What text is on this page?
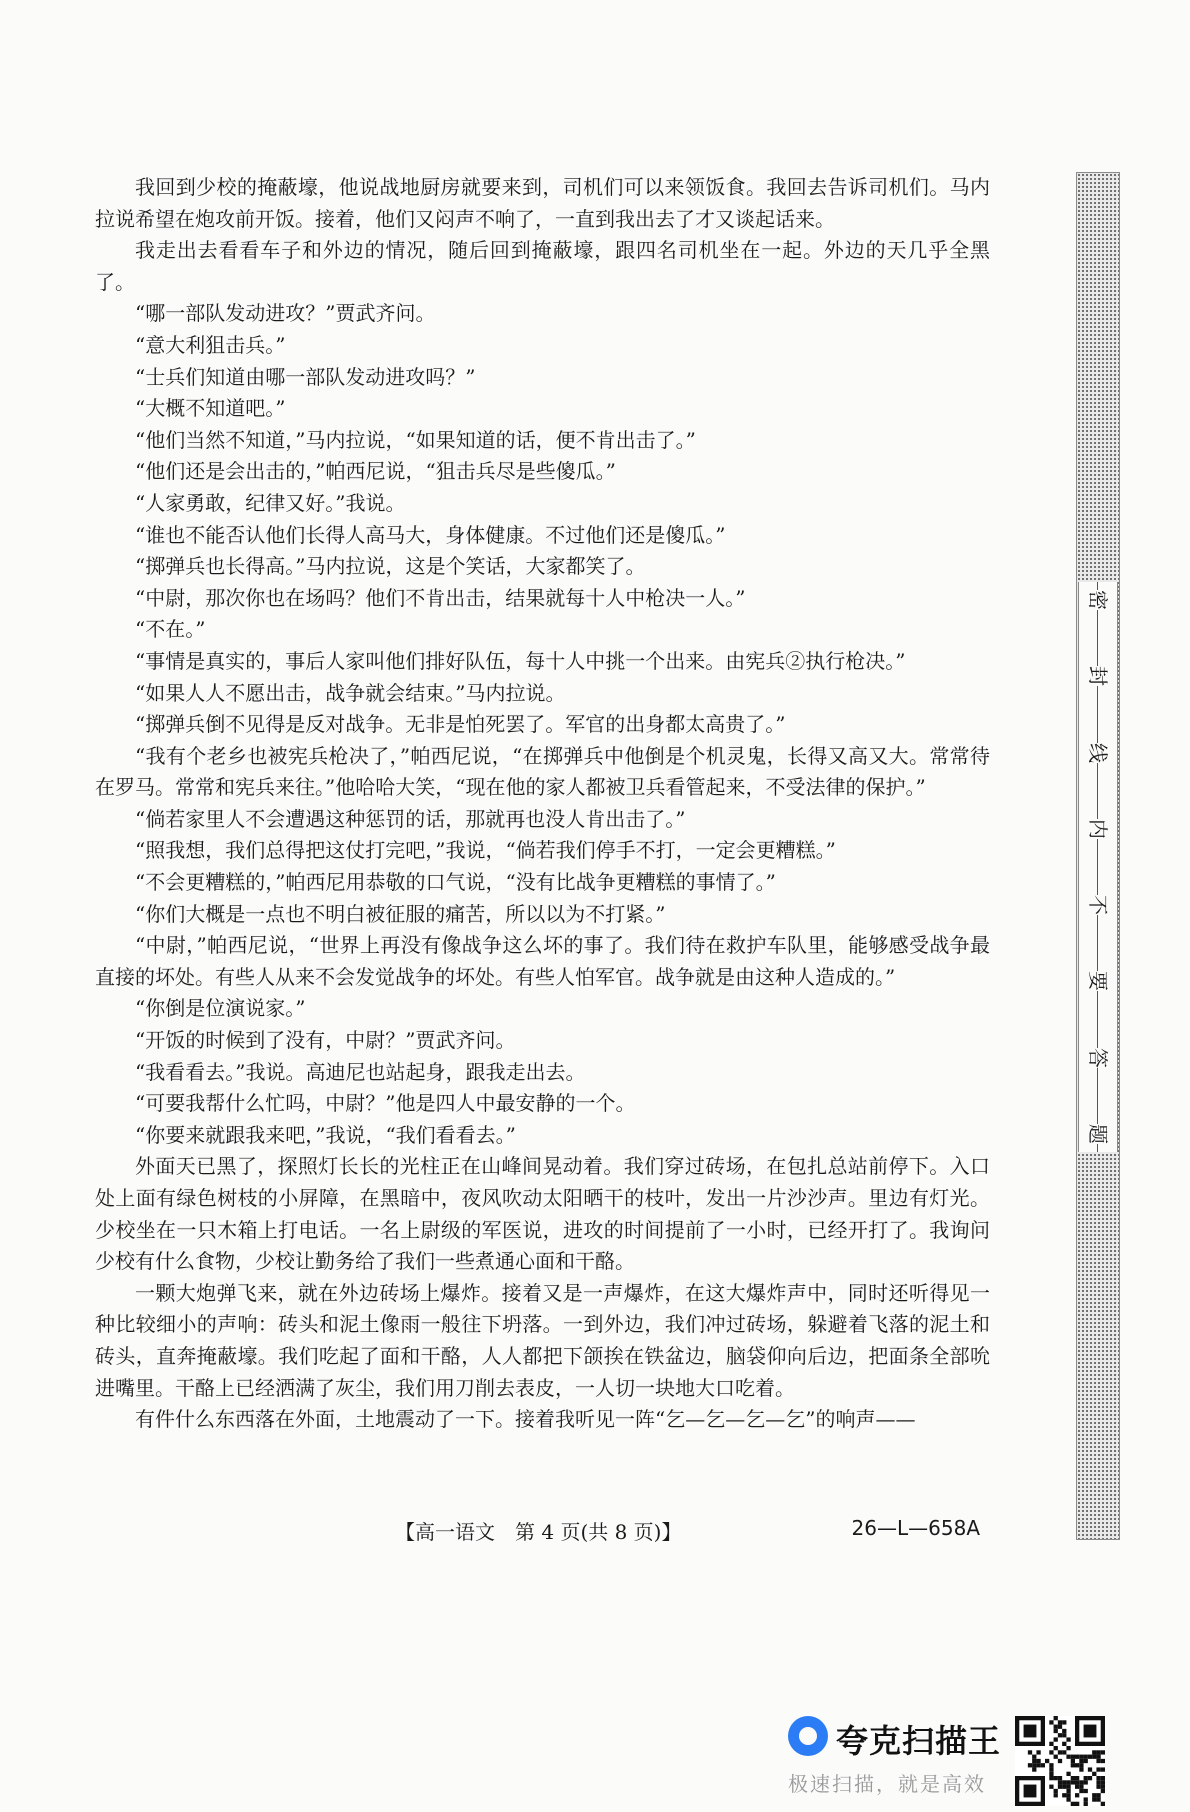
我回到少校的掩蔽壕，他说战地厨房就要来到，司机们可以来领饭食。我回去告诉司机们。马内拉说希望在炮攻前开饭。接着，他们又闷声不响了，一直到我出去了才又谈起话来。

我走出去看看车子和外边的情况，随后回到掩蔽壕，跟四名司机坐在一起。外边的天几乎全黑了。

“哪一部队发动进攻？”贾武齐问。

“意大利狙击兵。”

“士兵们知道由哪一部队发动进攻吗？”

“大概不知道吧。”

“他们当然不知道，”马内拉说，“如果知道的话，便不肯出击了。”

“他们还是会出击的，”帕西尼说，“狙击兵尽是些傻瓜。”

“人家勇敢，纪律又好。”我说。

“谁也不能否认他们长得人高马大，身体健康。不过他们还是傻瓜。”

“掷弹兵也长得高。”马内拉说，这是个笑话，大家都笑了。

“中尉，那次你也在场吗？他们不肯出击，结果就每十人中枪决一人。”

“不在。”

“事情是真实的，事后人家叫他们排好队伍，每十人中挑一个出来。由宪兵②执行枪决。”

“如果人人不愿出击，战争就会结束。”马内拉说。

“掷弹兵倒不见得是反对战争。无非是怕死罢了。军官的出身都太高贵了。”

“我有个老乡也被宪兵枪决了，”帕西尼说，“在掷弹兵中他倒是个机灵鬼，长得又高又大。常常待在罗马。常常和宪兵来往。”他哈哈大笑，“现在他的家人都被卫兵看管起来，不受法律的保护。”

“倘若家里人不会遭遇这种惩罚的话，那就再也没人肯出击了。”

“照我想，我们总得把这仗打完吧，”我说，“倘若我们停手不打，一定会更糟糕。”

“不会更糟糕的，”帕西尼用恭敬的口气说，“没有比战争更糟糕的事情了。”

“你们大概是一点也不明白被征服的痛苦，所以以为不打紧。”

“中尉，”帕西尼说，“世界上再没有像战争这么坏的事了。我们待在救护车队里，能够感受战争最直接的坏处。有些人从来不会发觉战争的坏处。有些人怕军官。战争就是由这种人造成的。”

“你倒是位演说家。”

“开饭的时候到了没有，中尉？”贾武齐问。

“我看看去。”我说。高迪尼也站起身，跟我走出去。

“可要我帮什么忙吗，中尉？”他是四人中最安静的一个。

“你要来就跟我来吧，”我说，“我们看看去。”

外面天已黑了，探照灯长长的光柱正在山峰间晃动着。我们穿过砖场，在包扎总站前停下。入口处上面有绿色树枝的小屏障，在黑暗中，夜风吹动太阳晒干的枝叶，发出一片沙沙声。里边有灯光。少校坐在一只木箱上打电话。一名上尉级的军医说，进攻的时间提前了一小时，已经开打了。我询问少校有什么食物，少校让勤务给了我们一些煮通心面和干酪。

一颗大炮弹飞来，就在外边砖场上爆炸。接着又是一声爆炸，在这大爆炸声中，同时还听得见一种比较细小的声响：砖头和泥土像雨一般往下坍落。一到外边，我们冲过砖场，躲避着飞落的泥土和砖头，直奔掩蔽壕。我们吃起了面和干酪，人人都把下颌挨在铁盆边，脑袋仰向后边，把面条全部吮进嘴里。干酪上已经洒满了灰尘，我们用刀削去表皮，一人切一块地大口吃着。

有件什么东西落在外面，土地震动了一下。接着我听见一阵“乞—乞—乞—乞”的响声——

【高一语文　第 4 页(共 8 页)】	26—L—658A
密
封
线
内
不
要
答
题
夸克扫描王
极速扫描，就是高效
